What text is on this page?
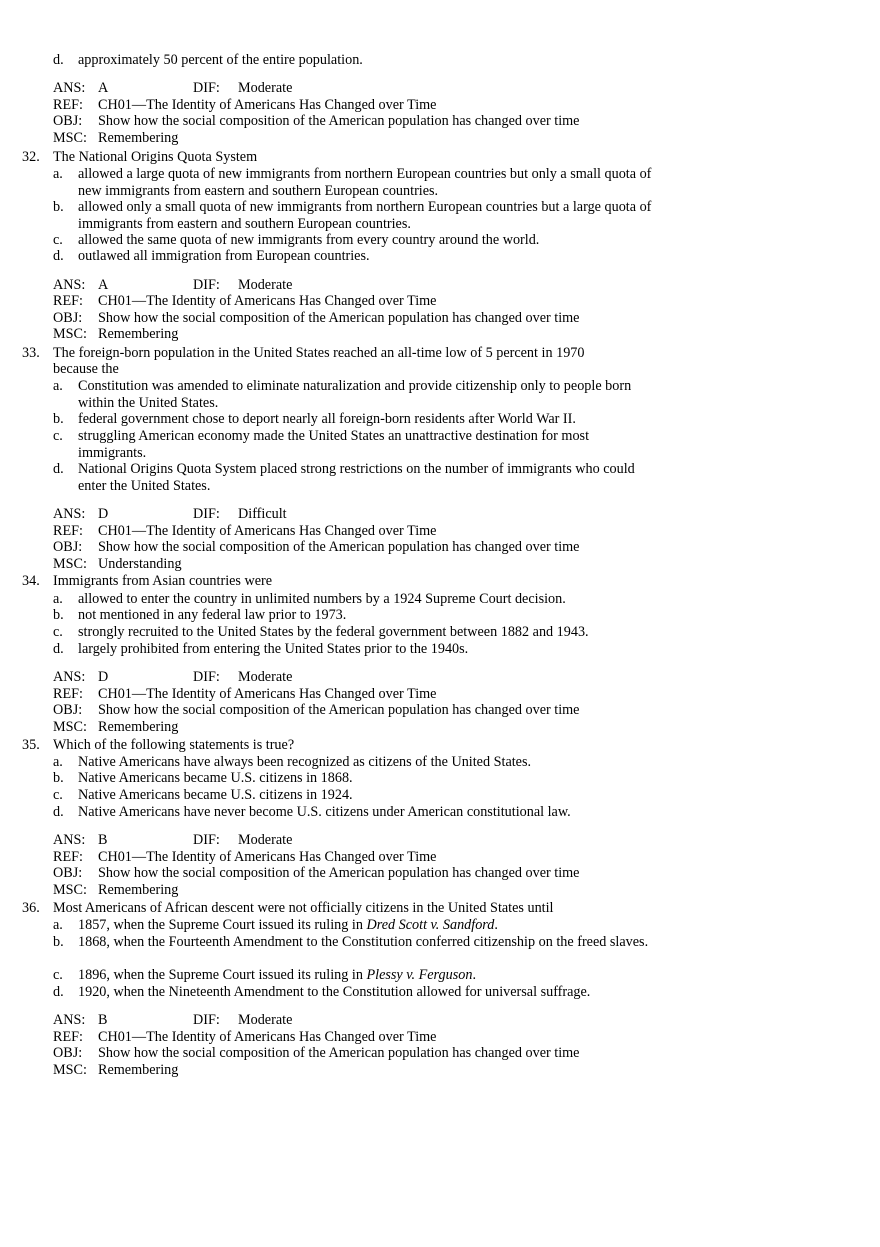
d. approximately 50 percent of the entire population.
ANS: A	DIF: Moderate
REF: CH01—The Identity of Americans Has Changed over Time
OBJ: Show how the social composition of the American population has changed over time
MSC: Remembering
32. The National Origins Quota System
a. allowed a large quota of new immigrants from northern European countries but only a small quota of new immigrants from eastern and southern European countries.
b. allowed only a small quota of new immigrants from northern European countries but a large quota of immigrants from eastern and southern European countries.
c. allowed the same quota of new immigrants from every country around the world.
d. outlawed all immigration from European countries.
ANS: A	DIF: Moderate
REF: CH01—The Identity of Americans Has Changed over Time
OBJ: Show how the social composition of the American population has changed over time
MSC: Remembering
33. The foreign-born population in the United States reached an all-time low of 5 percent in 1970
because the
a. Constitution was amended to eliminate naturalization and provide citizenship only to people born within the United States.
b. federal government chose to deport nearly all foreign-born residents after World War II.
c. struggling American economy made the United States an unattractive destination for most immigrants.
d. National Origins Quota System placed strong restrictions on the number of immigrants who could enter the United States.
ANS: D	DIF: Difficult
REF: CH01—The Identity of Americans Has Changed over Time
OBJ: Show how the social composition of the American population has changed over time
MSC: Understanding
34. Immigrants from Asian countries were
a. allowed to enter the country in unlimited numbers by a 1924 Supreme Court decision.
b. not mentioned in any federal law prior to 1973.
c. strongly recruited to the United States by the federal government between 1882 and 1943.
d. largely prohibited from entering the United States prior to the 1940s.
ANS: D	DIF: Moderate
REF: CH01—The Identity of Americans Has Changed over Time
OBJ: Show how the social composition of the American population has changed over time
MSC: Remembering
35. Which of the following statements is true?
a. Native Americans have always been recognized as citizens of the United States.
b. Native Americans became U.S. citizens in 1868.
c. Native Americans became U.S. citizens in 1924.
d. Native Americans have never become U.S. citizens under American constitutional law.
ANS: B	DIF: Moderate
REF: CH01—The Identity of Americans Has Changed over Time
OBJ: Show how the social composition of the American population has changed over time
MSC: Remembering
36. Most Americans of African descent were not officially citizens in the United States until
a. 1857, when the Supreme Court issued its ruling in Dred Scott v. Sandford.
b. 1868, when the Fourteenth Amendment to the Constitution conferred citizenship on the freed slaves.
c. 1896, when the Supreme Court issued its ruling in Plessy v. Ferguson.
d. 1920, when the Nineteenth Amendment to the Constitution allowed for universal suffrage.
ANS: B	DIF: Moderate
REF: CH01—The Identity of Americans Has Changed over Time
OBJ: Show how the social composition of the American population has changed over time
MSC: Remembering
